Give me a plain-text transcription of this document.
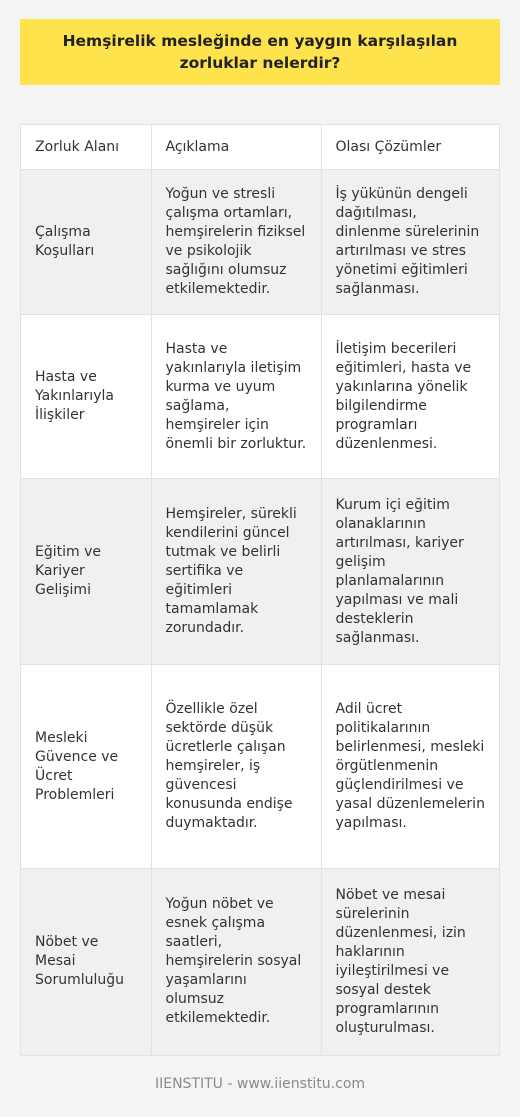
Hemşirelik mesleğinde en yaygın karşılaşılan zorluklar nelerdir?
Zorluk Alanı	Açıklama	Olası Çözümler
Çalışma Koşulları	Yoğun ve stresli çalışma ortamları, hemşirelerin fiziksel ve psikolojik sağlığını olumsuz etkilemektedir.	İş yükünün dengeli dağıtılması, dinlenme sürelerinin artırılması ve stres yönetimi eğitimleri sağlanması.
Hasta ve Yakınlarıyla İlişkiler	Hasta ve yakınlarıyla iletişim kurma ve uyum sağlama, hemşireler için önemli bir zorluktur.	İletişim becerileri eğitimleri, hasta ve yakınlarına yönelik bilgilendirme programları düzenlenmesi.
Eğitim ve Kariyer Gelişimi	Hemşireler, sürekli kendilerini güncel tutmak ve belirli sertifika ve eğitimleri tamamlamak zorundadır.	Kurum içi eğitim olanaklarının artırılması, kariyer gelişim planlamalarının yapılması ve mali desteklerin sağlanması.
Mesleki Güvence ve Ücret Problemleri	Özellikle özel sektörde düşük ücretlerle çalışan hemşireler, iş güvencesi konusunda endişe duymaktadır.	Adil ücret politikalarının belirlenmesi, mesleki örgütlenmenin güçlendirilmesi ve yasal düzenlemelerin yapılması.
Nöbet ve Mesai Sorumluluğu	Yoğun nöbet ve esnek çalışma saatleri, hemşirelerin sosyal yaşamlarını olumsuz etkilemektedir.	Nöbet ve mesai sürelerinin düzenlenmesi, izin haklarının iyileştirilmesi ve sosyal destek programlarının oluşturulması.
IIENSTITU - www.iienstitu.com
